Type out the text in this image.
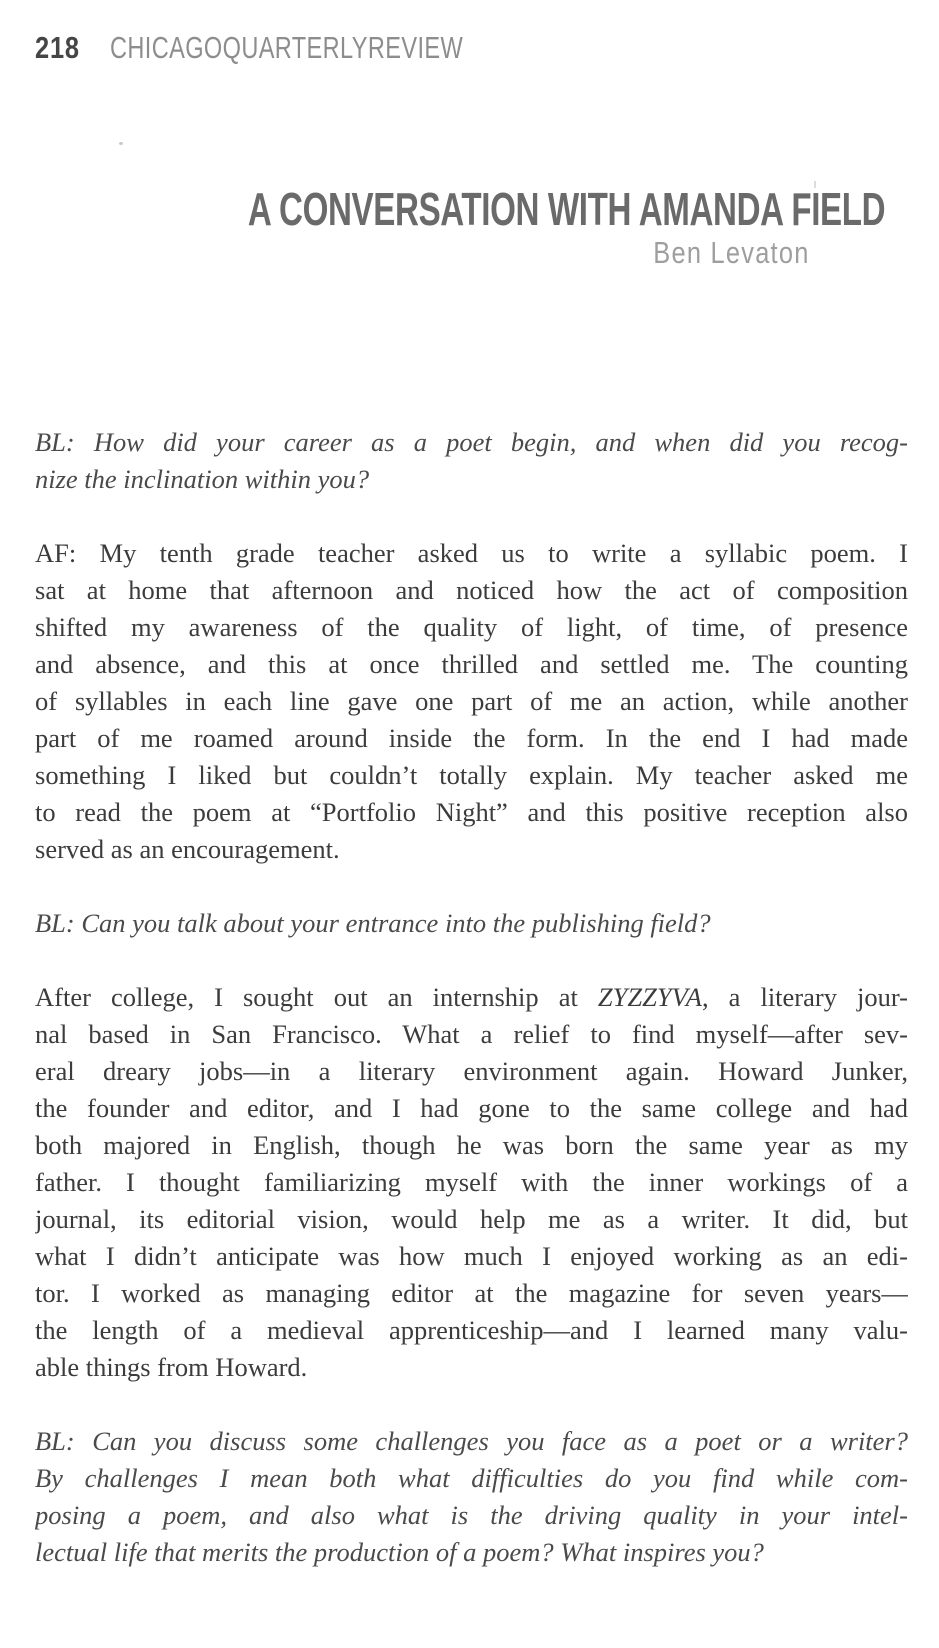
218 CHICAGOQUARTERLYREVIEW
A CONVERSATION WITH AMANDA FIELD
Ben Levaton
BL: How did your career as a poet begin, and when did you recog-
nize the inclination within you?
AF: My tenth grade teacher asked us to write a syllabic poem. I
sat at home that afternoon and noticed how the act of composition
shifted my awareness of the quality of light, of time, of presence
and absence, and this at once thrilled and settled me. The counting
of syllables in each line gave one part of me an action, while another
part of me roamed around inside the form. In the end I had made
something I liked but couldn’t totally explain. My teacher asked me
to read the poem at “Portfolio Night” and this positive reception also
served as an encouragement.
BL: Can you talk about your entrance into the publishing field?
After college, I sought out an internship at ZYZZYVA, a literary jour-
nal based in San Francisco. What a relief to find myself—after sev-
eral dreary jobs—in a literary environment again. Howard Junker,
the founder and editor, and I had gone to the same college and had
both majored in English, though he was born the same year as my
father. I thought familiarizing myself with the inner workings of a
journal, its editorial vision, would help me as a writer. It did, but
what I didn’t anticipate was how much I enjoyed working as an edi-
tor. I worked as managing editor at the magazine for seven years—
the length of a medieval apprenticeship—and I learned many valu-
able things from Howard.
BL: Can you discuss some challenges you face as a poet or a writer?
By challenges I mean both what difficulties do you find while com-
posing a poem, and also what is the driving quality in your intel-
lectual life that merits the production of a poem? What inspires you?
